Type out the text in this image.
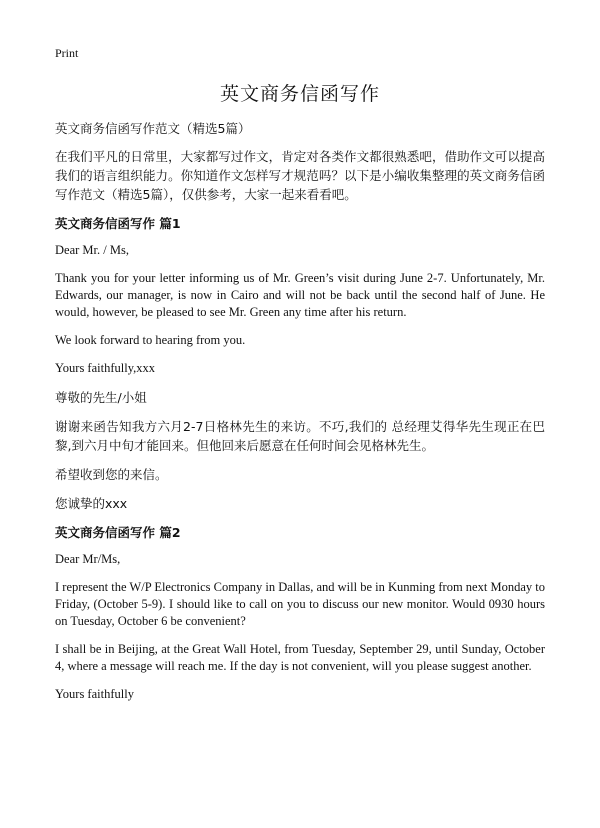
Print
英文商务信函写作

英文商务信函写作范文（精选5篇）

在我们平凡的日常里，大家都写过作文，肯定对各类作文都很熟悉吧，借助作文可以提高我们的语言组织能力。你知道作文怎样写才规范吗？以下是小编收集整理的英文商务信函写作范文（精选5篇），仅供参考，大家一起来看看吧。

英文商务信函写作 篇1

Dear Mr. / Ms,

Thank you for your letter informing us of Mr. Green’s visit during June 2-7. Unfortunately, Mr. Edwards, our manager, is now in Cairo and will not be back until the second half of June. He would, however, be pleased to see Mr. Green any time after his return.

We look forward to hearing from you.

Yours faithfully,xxx

尊敬的先生/小姐

谢谢来函告知我方六月2-7日格林先生的来访。不巧,我们的 总经理艾得华先生现正在巴黎,到六月中旬才能回来。但他回来后愿意在任何时间会见格林先生。

希望收到您的来信。

您诚挚的xxx

英文商务信函写作 篇2

Dear Mr/Ms,

I represent the W/P Electronics Company in Dallas, and will be in Kunming from next Monday to Friday, (October 5-9). I should like to call on you to discuss our new monitor. Would 0930 hours on Tuesday, October 6 be convenient?

I shall be in Beijing, at the Great Wall Hotel, from Tuesday, September 29, until Sunday, October 4, where a message will reach me. If the day is not convenient, will you please suggest another.

Yours faithfully
